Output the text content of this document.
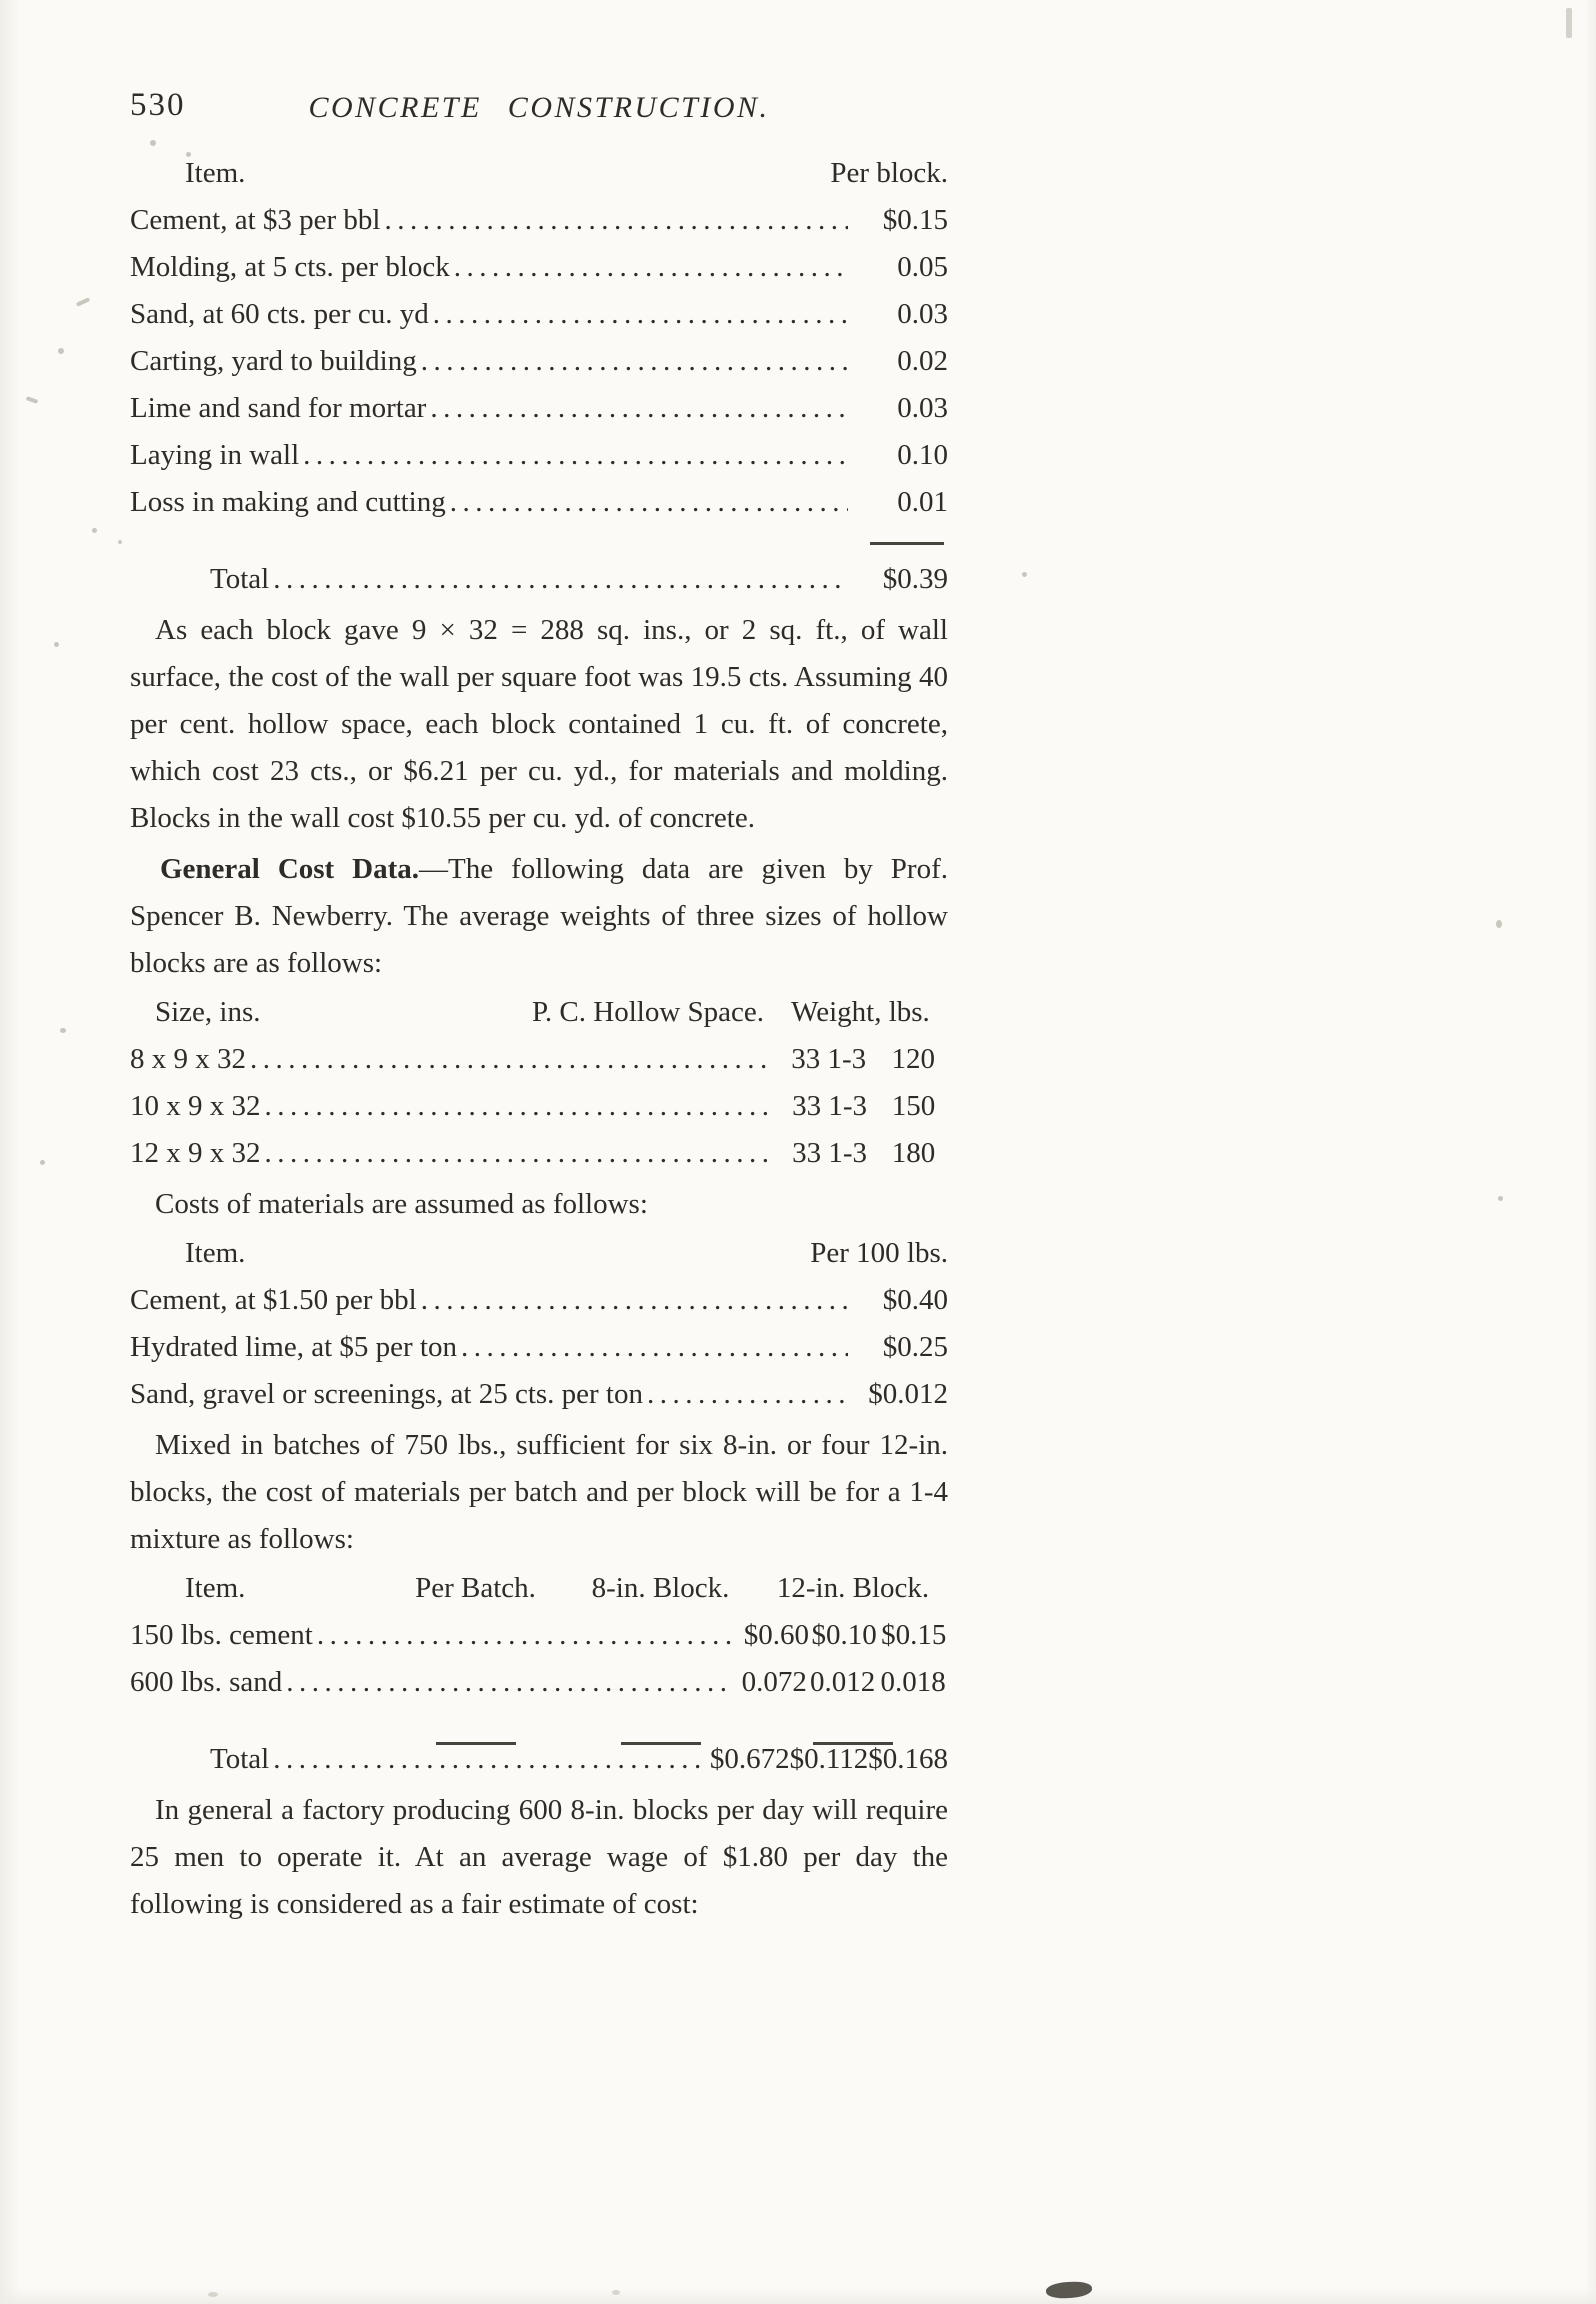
530	CONCRETE CONSTRUCTION.
Item.	Per block.
Cement, at $3 per bbl .....	$0.15
Molding, at 5 cts. per block .....	0.05
Sand, at 60 cts. per cu. yd .....	0.03
Carting, yard to building .....	0.02
Lime and sand for mortar .....	0.03
Laying in wall .....	0.10
Loss in making and cutting .....	0.01
Total .....	$0.39

As each block gave 9 × 32 = 288 sq. ins., or 2 sq. ft., of wall surface, the cost of the wall per square foot was 19.5 cts. Assuming 40 per cent. hollow space, each block contained 1 cu. ft. of concrete, which cost 23 cts., or $6.21 per cu. yd., for materials and molding. Blocks in the wall cost $10.55 per cu. yd. of concrete.

General Cost Data.—The following data are given by Prof. Spencer B. Newberry. The average weights of three sizes of hollow blocks are as follows:

Size, ins.	P. C. Hollow Space. Weight, lbs.
8 x 9 x 32 .....	33 1-3 120
10 x 9 x 32 .....	33 1-3 150
12 x 9 x 32 .....	33 1-3 180

Costs of materials are assumed as follows:

Item.	Per 100 lbs.
Cement, at $1.50 per bbl .....	$0.40
Hydrated lime, at $5 per ton .....	$0.25
Sand, gravel or screenings, at 25 cts. per ton .....	$0.012

Mixed in batches of 750 lbs., sufficient for six 8-in. or four 12-in. blocks, the cost of materials per batch and per block will be for a 1-4 mixture as follows:

Item.	Per Batch.	8-in. Block.	12-in. Block.
150 lbs. cement .....	$0.60 $0.10 $0.15
600 lbs. sand .....	0.072 0.012 0.018
Total .....	$0.672 $0.112 $0.168

In general a factory producing 600 8-in. blocks per day will require 25 men to operate it. At an average wage of $1.80 per day the following is considered as a fair estimate of cost:
